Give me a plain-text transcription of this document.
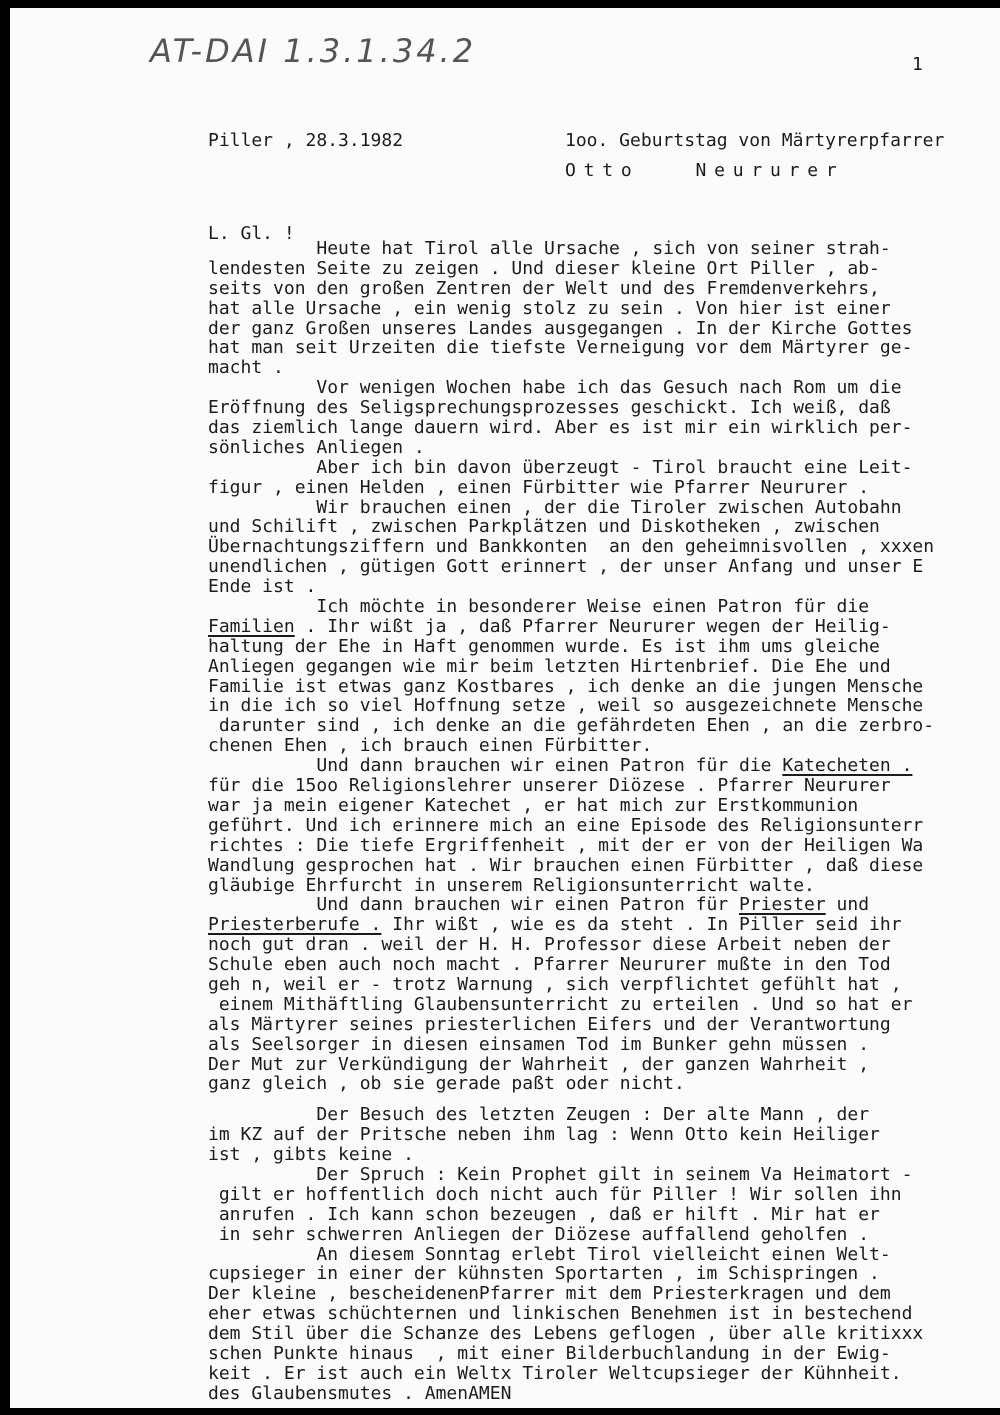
AT-DAI 1.3.1.34.2	1
Piller , 28.3.1982	1oo. Geburtstag von Märtyrerpfarrer
Otto   Neururer
L. Gl. !
Heute hat Tirol alle Ursache , sich von seiner strah-
lendesten Seite zu zeigen . Und dieser kleine Ort Piller , ab-
seits von den großen Zentren der Welt und des Fremdenverkehrs,
hat alle Ursache , ein wenig stolz zu sein . Von hier ist einer
der ganz Großen unseres Landes ausgegangen . In der Kirche Gottes
hat man seit Urzeiten die tiefste Verneigung vor dem Märtyrer ge-
macht .
Vor wenigen Wochen habe ich das Gesuch nach Rom um die
Eröffnung des Seligsprechungsprozesses geschickt. Ich weiß, daß
das ziemlich lange dauern wird. Aber es ist mir ein wirklich per-
sönliches Anliegen .
Aber ich bin davon überzeugt - Tirol braucht eine Leit-
figur , einen Helden , einen Fürbitter wie Pfarrer Neururer .
Wir brauchen einen , der die Tiroler zwischen Autobahn
und Schilift , zwischen Parkplätzen und Diskotheken , zwischen
Übernachtungsziffern und Bankkonten  an den geheimnisvollen , xxxen
unendlichen , gütigen Gott erinnert , der unser Anfang und unser E
Ende ist .
Ich möchte in besonderer Weise einen Patron für die
Familien . Ihr wißt ja , daß Pfarrer Neururer wegen der Heilig-
haltung der Ehe in Haft genommen wurde. Es ist ihm ums gleiche
Anliegen gegangen wie mir beim letzten Hirtenbrief. Die Ehe und
Familie ist etwas ganz Kostbares , ich denke an die jungen Mensche
in die ich so viel Hoffnung setze , weil so ausgezeichnete Mensche
darunter sind , ich denke an die gefährdeten Ehen , an die zerbro-
chenen Ehen , ich brauch einen Fürbitter.
Und dann brauchen wir einen Patron für die Katecheten .
für die 15oo Religionslehrer unserer Diözese . Pfarrer Neururer
war ja mein eigener Katechet , er hat mich zur Erstkommunion
geführt. Und ich erinnere mich an eine Episode des Religionsunterr
richtes : Die tiefe Ergriffenheit , mit der er von der Heiligen Wa
Wandlung gesprochen hat . Wir brauchen einen Fürbitter , daß diese
gläubige Ehrfurcht in unserem Religionsunterricht walte.
Und dann brauchen wir einen Patron für Priester und
Priesterberufe . Ihr wißt , wie es da steht . In Piller seid ihr
noch gut dran . weil der H. H. Professor diese Arbeit neben der
Schule eben auch noch macht . Pfarrer Neururer mußte in den Tod
geh n, weil er - trotz Warnung , sich verpflichtet gefühlt hat ,
einem Mithäftling Glaubensunterricht zu erteilen . Und so hat er
als Märtyrer seines priesterlichen Eifers und der Verantwortung
als Seelsorger in diesen einsamen Tod im Bunker gehn müssen .
Der Mut zur Verkündigung der Wahrheit , der ganzen Wahrheit ,
ganz gleich , ob sie gerade paßt oder nicht.
Der Besuch des letzten Zeugen : Der alte Mann , der
im KZ auf der Pritsche neben ihm lag : Wenn Otto kein Heiliger
ist , gibts keine .
Der Spruch : Kein Prophet gilt in seinem Va Heimatort -
gilt er hoffentlich doch nicht auch für Piller ! Wir sollen ihn
anrufen . Ich kann schon bezeugen , daß er hilft . Mir hat er
in sehr schwerren Anliegen der Diözese auffallend geholfen .
An diesem Sonntag erlebt Tirol vielleicht einen Welt-
cupsieger in einer der kühnsten Sportarten , im Schispringen .
Der kleine , bescheidenenPfarrer mit dem Priesterkragen und dem
eher etwas schüchternen und linkischen Benehmen ist in bestechend
dem Stil über die Schanze des Lebens geflogen , über alle kritixxx
schen Punkte hinaus  , mit einer Bilderbuchlandung in der Ewig-
keit . Er ist auch ein Weltx Tiroler Weltcupsieger der Kühnheit.
des Glaubensmutes . AmenAMEN
